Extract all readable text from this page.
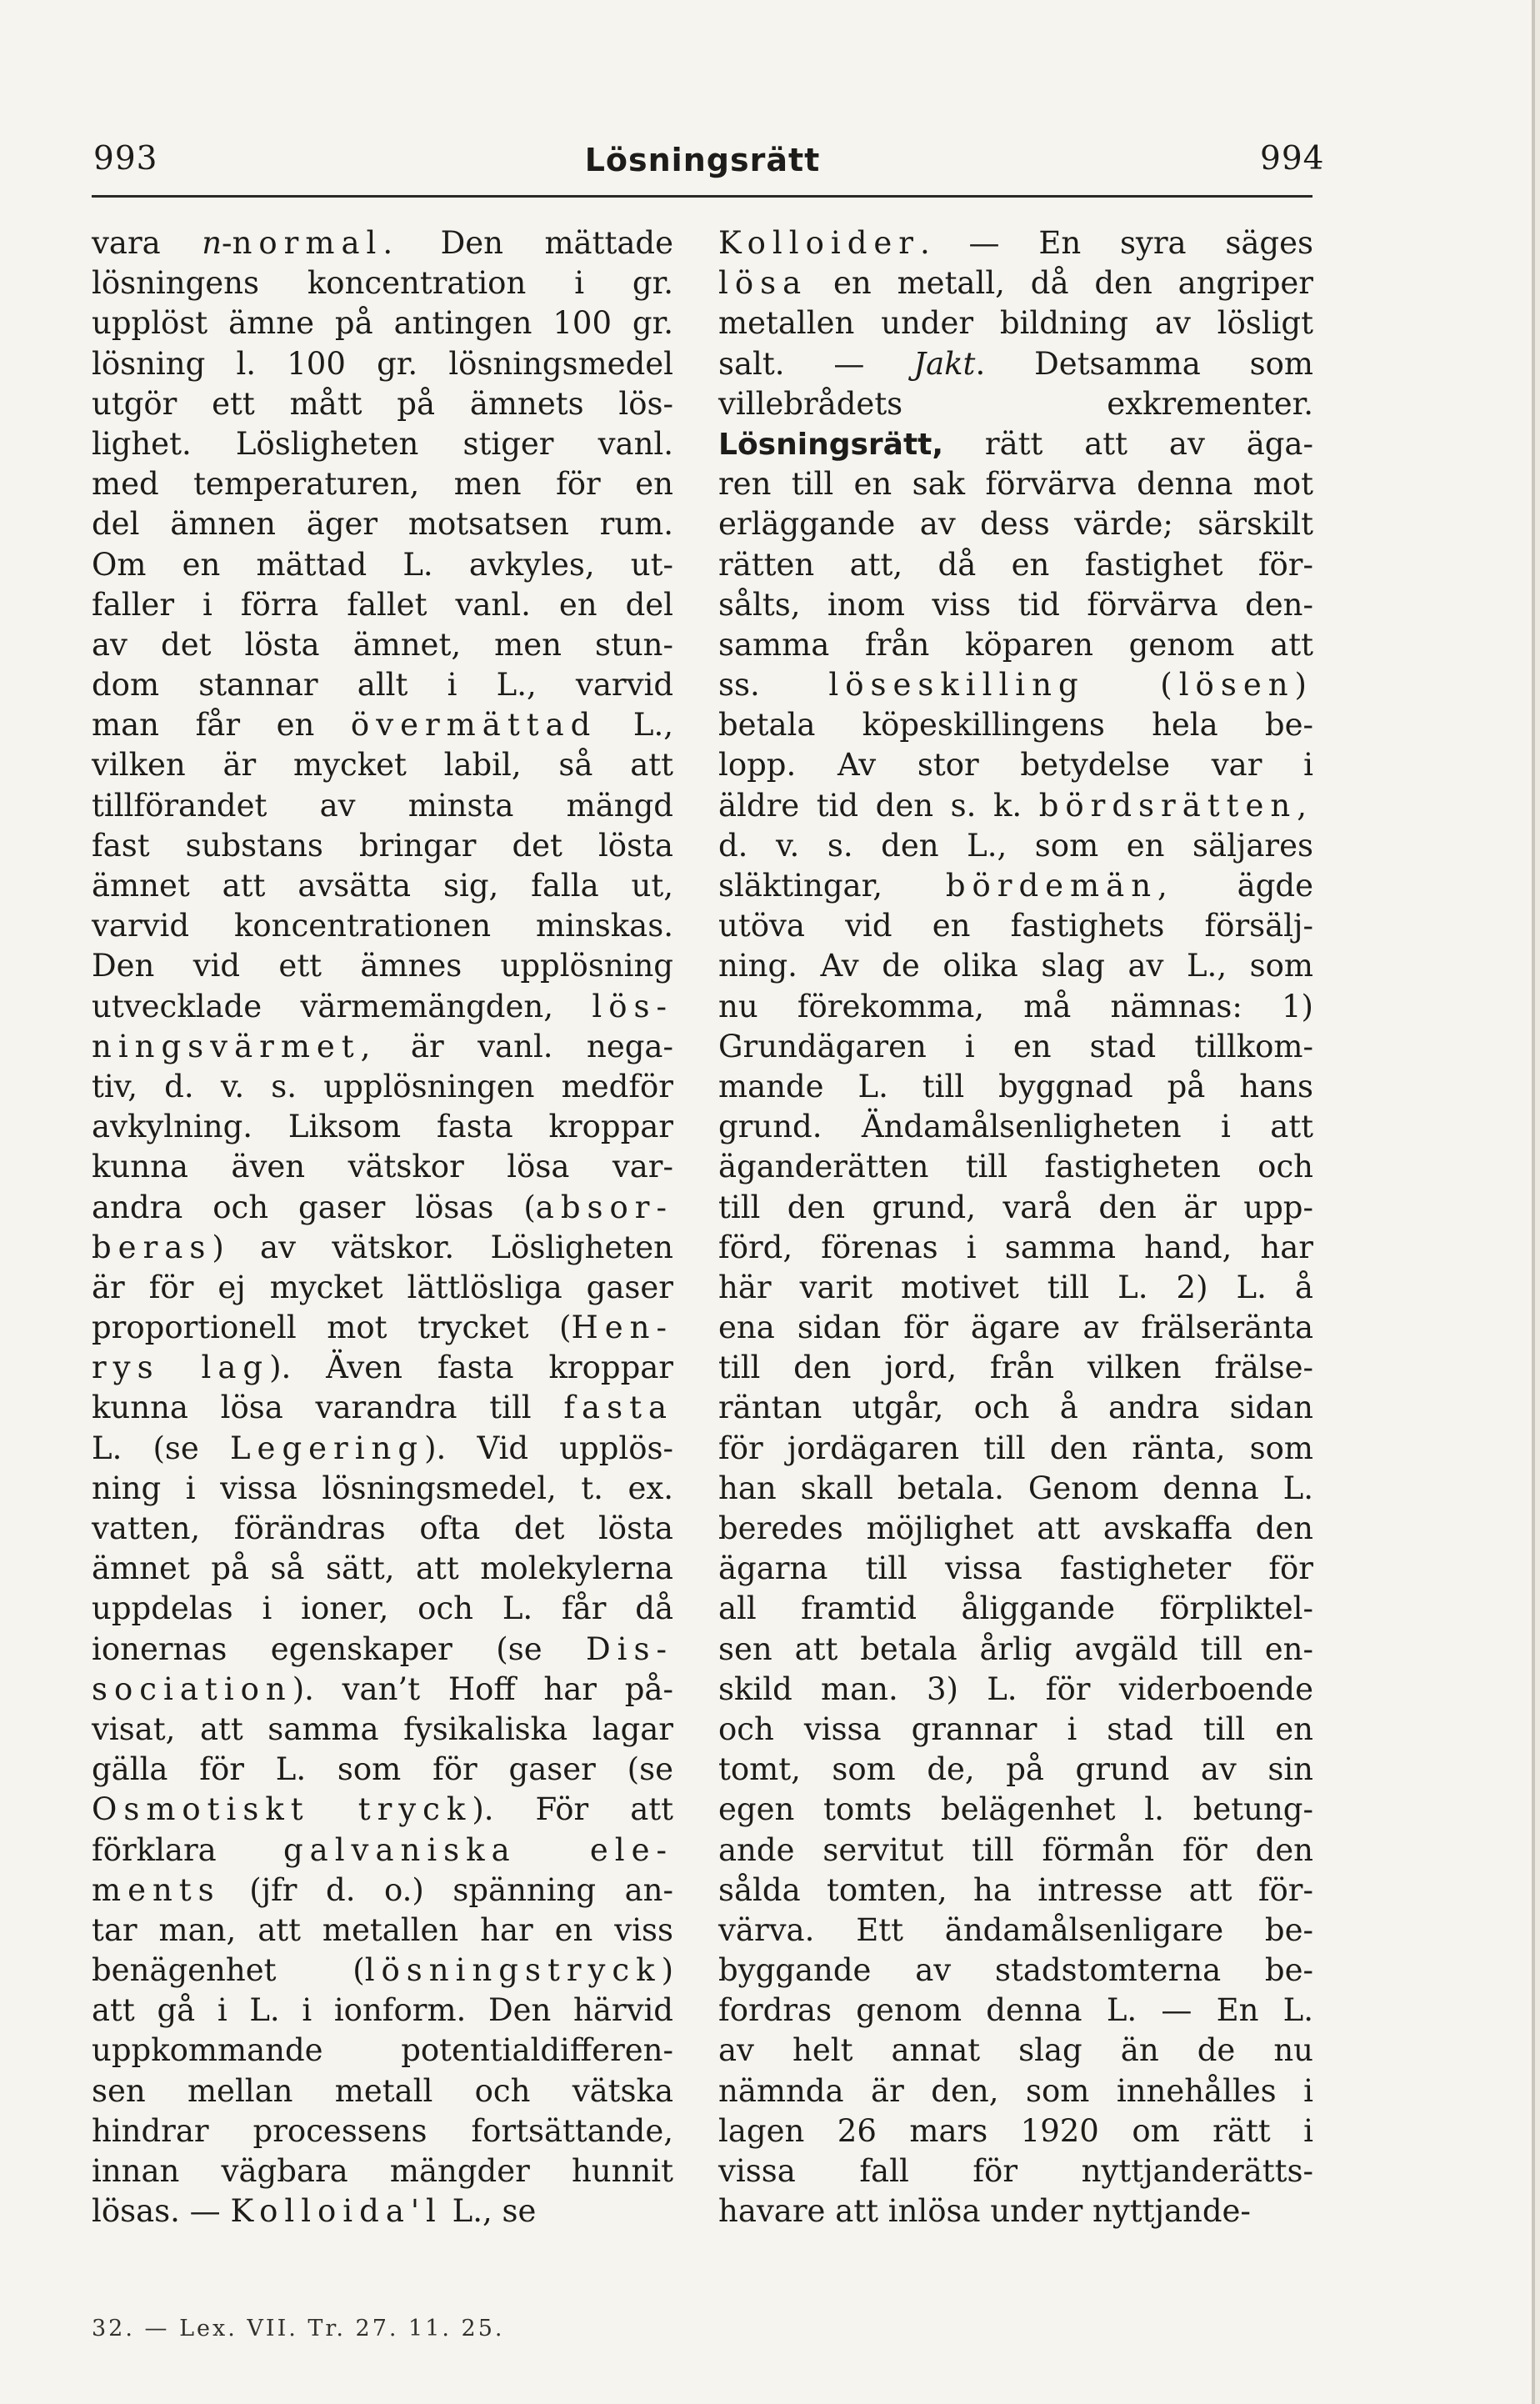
993	Lösningsrätt	994
vara n-normal. Den mättade
lösningens koncentration i gr.
upplöst ämne på antingen 100 gr.
lösning l. 100 gr. lösningsmedel
utgör ett mått på ämnets lös-
lighet. Lösligheten stiger vanl.
med temperaturen, men för en
del ämnen äger motsatsen rum.
Om en mättad L. avkyles, ut-
faller i förra fallet vanl. en del
av det lösta ämnet, men stun-
dom stannar allt i L., varvid
man får en övermättad L.,
vilken är mycket labil, så att
tillförandet av minsta mängd
fast substans bringar det lösta
ämnet att avsätta sig, falla ut,
varvid koncentrationen minskas.
Den vid ett ämnes upplösning
utvecklade värmemängden, lös-
ningsvärmet, är vanl. nega-
tiv, d. v. s. upplösningen medför
avkylning. Liksom fasta kroppar
kunna även vätskor lösa var-
andra och gaser lösas (absor-
beras) av vätskor. Lösligheten
är för ej mycket lättlösliga gaser
proportionell mot trycket (Hen-
rys lag). Även fasta kroppar
kunna lösa varandra till fasta
L. (se Legering). Vid upplös-
ning i vissa lösningsmedel, t. ex.
vatten, förändras ofta det lösta
ämnet på så sätt, att molekylerna
uppdelas i ioner, och L. får då
ionernas egenskaper (se Dis-
sociation). van’t Hoff har på-
visat, att samma fysikaliska lagar
gälla för L. som för gaser (se
Osmotiskt tryck). För att
förklara galvaniska ele-
ments (jfr d. o.) spänning an-
tar man, att metallen har en viss
benägenhet (lösningstryck)
att gå i L. i ionform. Den härvid
uppkommande potentialdifferen-
sen mellan metall och vätska
hindrar processens fortsättande,
innan vägbara mängder hunnit
lösas. — Kolloida'l L., se
Kolloider. — En syra säges
lösa en metall, då den angriper
metallen under bildning av lösligt
salt. — Jakt. Detsamma som
villebrådets exkrementer.
Lösningsrätt, rätt att av äga-
ren till en sak förvärva denna mot
erläggande av dess värde; särskilt
rätten att, då en fastighet för-
sålts, inom viss tid förvärva den-
samma från köparen genom att
ss. löseskilling (lösen)
betala köpeskillingens hela be-
lopp. Av stor betydelse var i
äldre tid den s. k. bördsrätten,
d. v. s. den L., som en säljares
släktingar, bördemän, ägde
utöva vid en fastighets försälj-
ning. Av de olika slag av L., som
nu förekomma, må nämnas: 1)
Grundägaren i en stad tillkom-
mande L. till byggnad på hans
grund. Ändamålsenligheten i att
äganderätten till fastigheten och
till den grund, varå den är upp-
förd, förenas i samma hand, har
här varit motivet till L. 2) L. å
ena sidan för ägare av frälseränta
till den jord, från vilken frälse-
räntan utgår, och å andra sidan
för jordägaren till den ränta, som
han skall betala. Genom denna L.
beredes möjlighet att avskaffa den
ägarna till vissa fastigheter för
all framtid åliggande förpliktel-
sen att betala årlig avgäld till en-
skild man. 3) L. för viderboende
och vissa grannar i stad till en
tomt, som de, på grund av sin
egen tomts belägenhet l. betung-
ande servitut till förmån för den
sålda tomten, ha intresse att för-
värva. Ett ändamålsenligare be-
byggande av stadstomterna be-
fordras genom denna L. — En L.
av helt annat slag än de nu
nämnda är den, som innehålles i
lagen 26 mars 1920 om rätt i
vissa fall för nyttjanderätts-
havare att inlösa under nyttjande-
32. — Lex. VII. Tr. 27. 11. 25.
